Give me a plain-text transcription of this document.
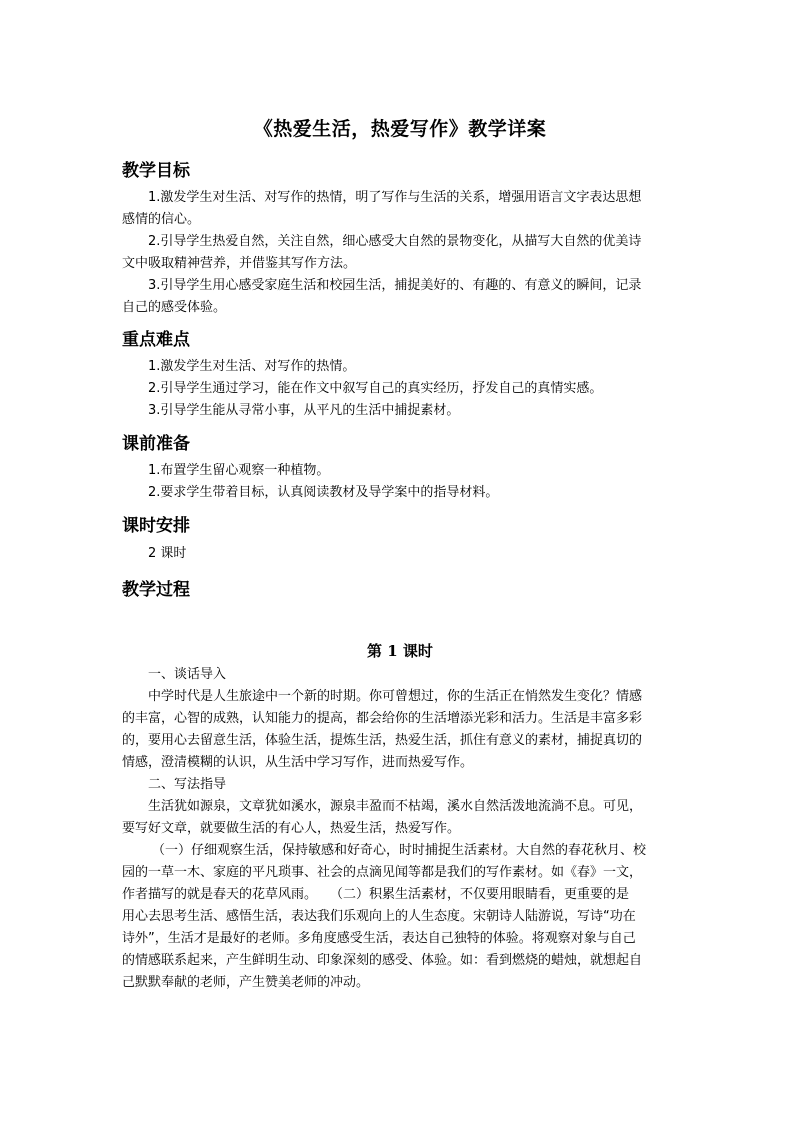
《热爱生活，热爱写作》教学详案
教学目标
1.激发学生对生活、对写作的热情，明了写作与生活的关系，增强用语言文字表达思想
感情的信心。
2.引导学生热爱自然，关注自然，细心感受大自然的景物变化，从描写大自然的优美诗
文中吸取精神营养，并借鉴其写作方法。
3.引导学生用心感受家庭生活和校园生活，捕捉美好的、有趣的、有意义的瞬间，记录
自己的感受体验。
重点难点
1.激发学生对生活、对写作的热情。
2.引导学生通过学习，能在作文中叙写自己的真实经历，抒发自己的真情实感。
3.引导学生能从寻常小事，从平凡的生活中捕捉素材。
课前准备
1.布置学生留心观察一种植物。
2.要求学生带着目标，认真阅读教材及导学案中的指导材料。
课时安排
2 课时
教学过程
第 1 课时
一、谈话导入
中学时代是人生旅途中一个新的时期。你可曾想过，你的生活正在悄然发生变化？情感
的丰富，心智的成熟，认知能力的提高，都会给你的生活增添光彩和活力。生活是丰富多彩
的，要用心去留意生活，体验生活，提炼生活，热爱生活，抓住有意义的素材，捕捉真切的
情感，澄清模糊的认识，从生活中学习写作，进而热爱写作。
二、写法指导
生活犹如源泉，文章犹如溪水，源泉丰盈而不枯竭，溪水自然活泼地流淌不息。可见，
要写好文章，就要做生活的有心人，热爱生活，热爱写作。
（一）仔细观察生活，保持敏感和好奇心，时时捕捉生活素材。大自然的春花秋月、校
园的一草一木、家庭的平凡琐事、社会的点滴见闻等都是我们的写作素材。如《春》一文，
作者描写的就是春天的花草风雨。　　（二）积累生活素材，不仅要用眼睛看，更重要的是
用心去思考生活、感悟生活，表达我们乐观向上的人生态度。宋朝诗人陆游说，写诗“功在
诗外”，生活才是最好的老师。多角度感受生活，表达自己独特的体验。将观察对象与自己
的情感联系起来，产生鲜明生动、印象深刻的感受、体验。如：看到燃烧的蜡烛，就想起自
己默默奉献的老师，产生赞美老师的冲动。
